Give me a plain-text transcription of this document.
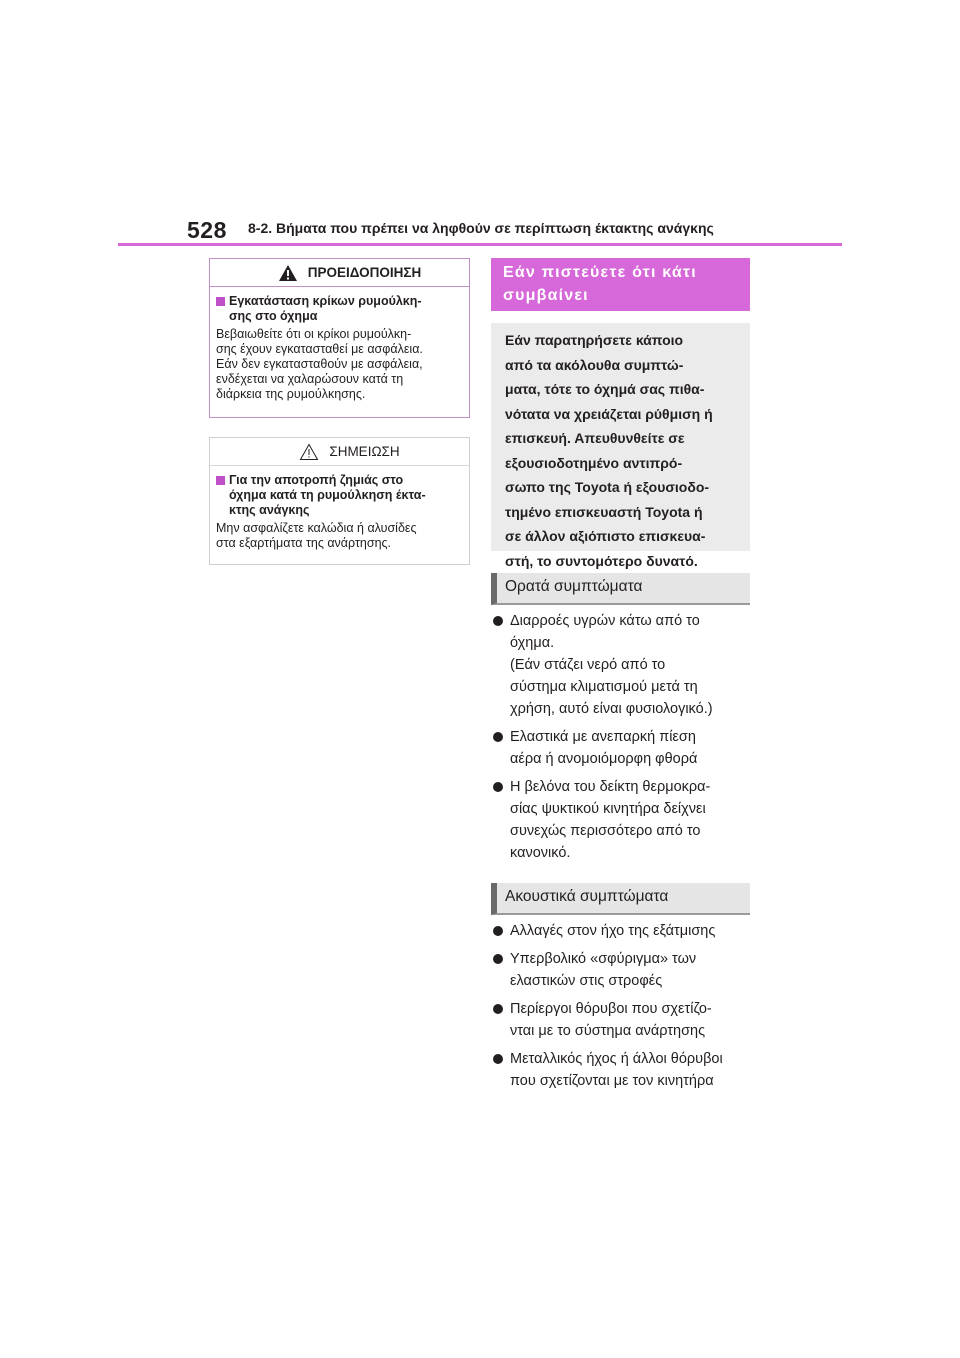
528 8-2. Βήματα που πρέπει να ληφθούν σε περίπτωση έκτακτης ανάγκης
ΠΡΟΕΙΔΟΠΟΙΗΣΗ
Εγκατάσταση κρίκων ρυμούλκη-
σης στο όχημα
Βεβαιωθείτε ότι οι κρίκοι ρυμούλκη-
σης έχουν εγκατασταθεί με ασφάλεια.
Εάν δεν εγκατασταθούν με ασφάλεια,
ενδέχεται να χαλαρώσουν κατά τη
διάρκεια της ρυμούλκησης.
ΣΗΜΕΙΩΣΗ
Για την αποτροπή ζημιάς στο
όχημα κατά τη ρυμούλκηση έκτα-
κτης ανάγκης
Μην ασφαλίζετε καλώδια ή αλυσίδες
στα εξαρτήματα της ανάρτησης.
Εάν πιστεύετε ότι κάτι
συμβαίνει
Εάν παρατηρήσετε κάποιο
από τα ακόλουθα συμπτώ-
ματα, τότε το όχημά σας πιθα-
νότατα να χρειάζεται ρύθμιση ή
επισκευή. Απευθυνθείτε σε
εξουσιοδοτημένο αντιπρό-
σωπο της Toyota ή εξουσιοδο-
τημένο επισκευαστή Toyota ή
σε άλλον αξιόπιστο επισκευα-
στή, το συντομότερο δυνατό.
Ορατά συμπτώματα
Διαρροές υγρών κάτω από το
όχημα.
(Εάν στάζει νερό από το
σύστημα κλιματισμού μετά τη
χρήση, αυτό είναι φυσιολογικό.)
Ελαστικά με ανεπαρκή πίεση
αέρα ή ανομοιόμορφη φθορά
Η βελόνα του δείκτη θερμοκρα-
σίας ψυκτικού κινητήρα δείχνει
συνεχώς περισσότερο από το
κανονικό.
Ακουστικά συμπτώματα
Αλλαγές στον ήχο της εξάτμισης
Υπερβολικό «σφύριγμα» των
ελαστικών στις στροφές
Περίεργοι θόρυβοι που σχετίζο-
νται με το σύστημα ανάρτησης
Μεταλλικός ήχος ή άλλοι θόρυβοι
που σχετίζονται με τον κινητήρα
